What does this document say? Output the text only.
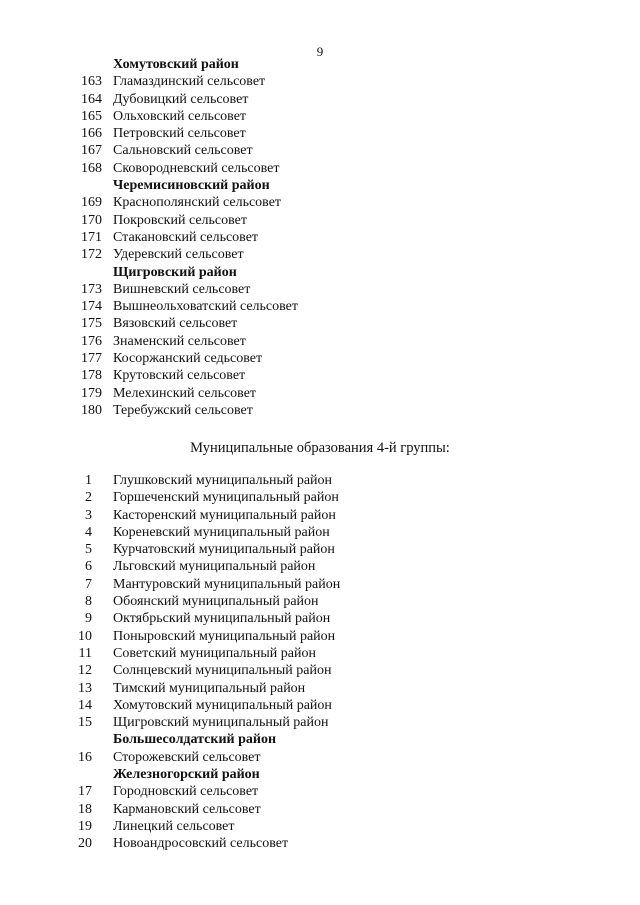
9
Хомутовский район
163 Гламаздинский сельсовет
164 Дубовицкий сельсовет
165 Ольховский сельсовет
166 Петровский сельсовет
167 Сальновский сельсовет
168 Сковородневский сельсовет
Черемисиновский район
169 Краснополянский сельсовет
170 Покровский сельсовет
171 Стакановский сельсовет
172 Удеревский сельсовет
Щигровский район
173 Вишневский сельсовет
174 Вышнеольховатский сельсовет
175 Вязовский сельсовет
176 Знаменский сельсовет
177 Косоржанский седьсовет
178 Крутовский сельсовет
179 Мелехинский сельсовет
180 Теребужский сельсовет
Муниципальные образования 4-й группы:
1 Глушковский муниципальный район
2 Горшеченский муниципальный район
3 Касторенский муниципальный район
4 Кореневский муниципальный район
5 Курчатовский муниципальный район
6 Льговский муниципальный район
7 Мантуровский муниципальный район
8 Обоянский муниципальный район
9 Октябрьский муниципальный район
10 Поныровский муниципальный район
11 Советский муниципальный район
12 Солнцевский муниципальный район
13 Тимский муниципальный район
14 Хомутовский муниципальный район
15 Щигровский муниципальный район
Большесолдатский район
16 Сторожевский сельсовет
Железногорский район
17 Городновский сельсовет
18 Кармановский сельсовет
19 Линецкий сельсовет
20 Новоандросовский сельсовет
